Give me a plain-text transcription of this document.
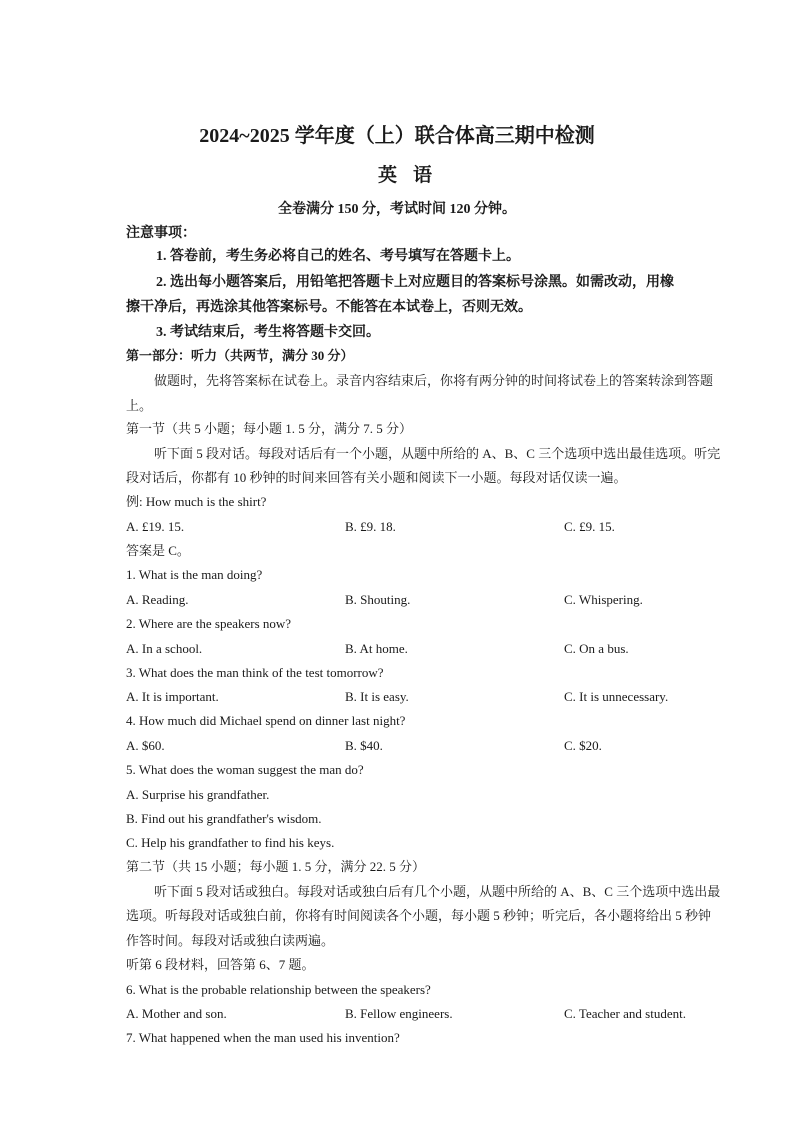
2024~2025 学年度（上）联合体高三期中检测
英语
全卷满分 150 分，考试时间 120 分钟。
注意事项：
1. 答卷前，考生务必将自己的姓名、考号填写在答题卡上。
2. 选出每小题答案后，用铅笔把答题卡上对应题目的答案标号涂黑。如需改动，用橡
擦干净后，再选涂其他答案标号。不能答在本试卷上，否则无效。
3. 考试结束后，考生将答题卡交回。
第一部分：听力（共两节，满分 30 分）
做题时，先将答案标在试卷上。录音内容结束后，你将有两分钟的时间将试卷上的答案转涂到答题
上。
第一节（共 5 小题；每小题 1. 5 分，满分 7. 5 分）
听下面 5 段对话。每段对话后有一个小题，从题中所给的 A、B、C 三个选项中选出最佳选项。听完
段对话后，你都有 10 秒钟的时间来回答有关小题和阅读下一小题。每段对话仅读一遍。
例: How much is the shirt?
A. £19. 15.	B. £9. 18.	C. £9. 15.
答案是 C。
1. What is the man doing?
A. Reading.	B. Shouting.	C. Whispering.
2. Where are the speakers now?
A. In a school.	B. At home.	C. On a bus.
3. What does the man think of the test tomorrow?
A. It is important.	B. It is easy.	C. It is unnecessary.
4. How much did Michael spend on dinner last night?
A. $60.	B. $40.	C. $20.
5. What does the woman suggest the man do?
A. Surprise his grandfather.
B. Find out his grandfather's wisdom.
C. Help his grandfather to find his keys.
第二节（共 15 小题；每小题 1. 5 分，满分 22. 5 分）
听下面 5 段对话或独白。每段对话或独白后有几个小题，从题中所给的 A、B、C 三个选项中选出最
选项。听每段对话或独白前，你将有时间阅读各个小题，每小题 5 秒钟；听完后，各小题将给出 5 秒钟
作答时间。每段对话或独白读两遍。
听第 6 段材料，回答第 6、7 题。
6. What is the probable relationship between the speakers?
A. Mother and son.	B. Fellow engineers.	C. Teacher and student.
7. What happened when the man used his invention?
